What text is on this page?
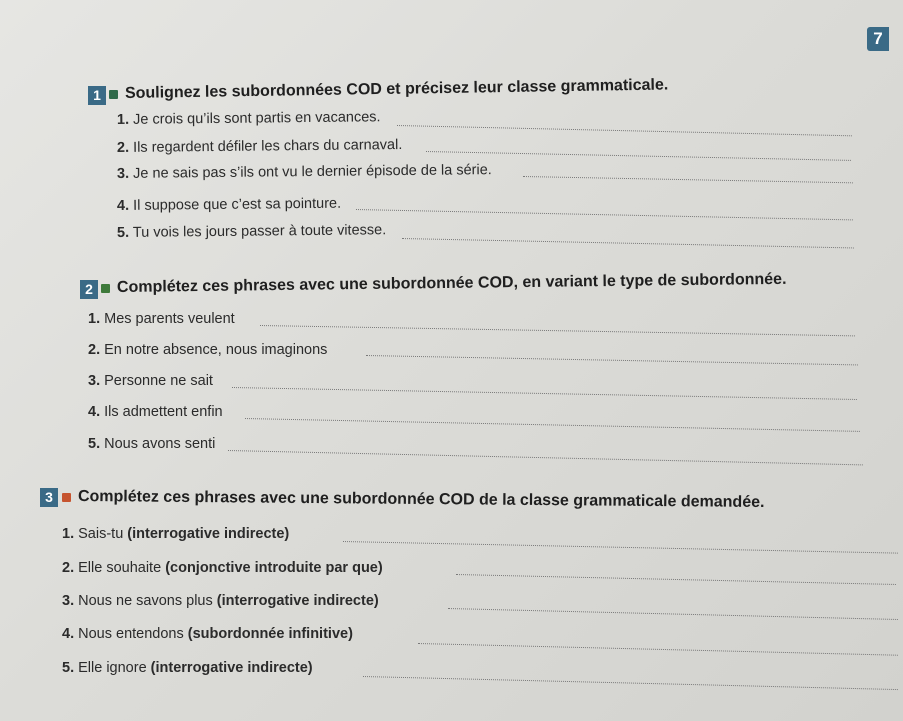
7
1	Soulignez les subordonnées COD et précisez leur classe grammaticale.
1. Je crois qu’ils sont partis en vacances.
2. Ils regardent défiler les chars du carnaval.
3. Je ne sais pas s’ils ont vu le dernier épisode de la série.
4. Il suppose que c’est sa pointure.
5. Tu vois les jours passer à toute vitesse.
2	Complétez ces phrases avec une subordonnée COD, en variant le type de subordonnée.
1. Mes parents veulent
2. En notre absence, nous imaginons
3. Personne ne sait
4. Ils admettent enfin
5. Nous avons senti
3	Complétez ces phrases avec une subordonnée COD de la classe grammaticale demandée.
1. Sais-tu (interrogative indirecte)
2. Elle souhaite (conjonctive introduite par que)
3. Nous ne savons plus (interrogative indirecte)
4. Nous entendons (subordonnée infinitive)
5. Elle ignore (interrogative indirecte)
